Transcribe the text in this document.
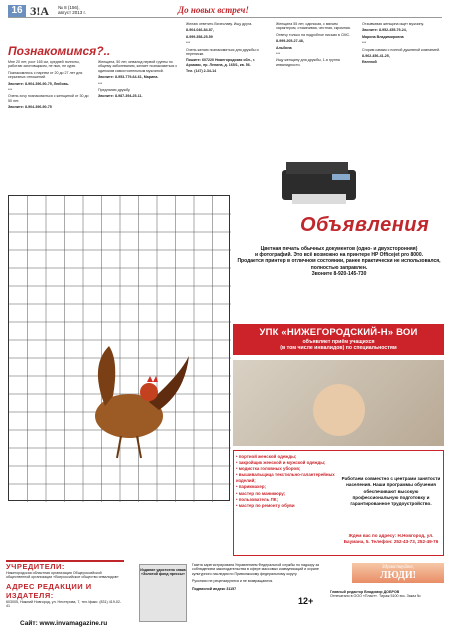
16 З!А № 8 (156),
август 2013 г.	До новых встреч!
Познакомимся?..

Мне 20 лет, рост 165 см, средней полноты, работаю заготовщиком, не пью, не курю.

Познакомлюсь с парнем от 20 до 27 лет для серьезных отношений.

Звоните: 8-904-396-90-75, Любовь.

***

Очень хочу познакомиться с женщиной от 30 до 50 лет.

Звоните: 8-904-396-90-75

Женщина, 50 лет, инвалид первой группы по общему заболеванию, желает познакомиться с одиноким самостоятельным мужчиной.

Звоните: 8-953-779-64-61, Марина.

***

Предлагаю дружбу.

Звоните: 8-987-394-25-11.

Желаю ответить Вячеславу. Ищу друга.

8-904-046-84-87,

8-999-358-25-59

***

Очень желаю познакомиться для дружбы и переписки.

Пишите: 607220 Нижегородская обл., г. Арзамас, пр. Ленина, д. 165/1, кв. 56.

Тел. (147) 2-34-14

Женщина 55 лет, одинокая, с мягким характером, отзывчивая, честная, скромная.

Отвечу только на подробное письмо в СМС.

8-999-205-27-48,

Альбина

***

Ищу женщину для дружбы, 1-я группа инвалидности.

Отзывчивая женщина ищет мужчину.

Звоните: 8-952-455-79-24,

Марина Владимировна

***

Сгорим самым с полной душевной компанией.

8-962-456-41-25,

Евгений

Объявления
Цветная печать обычных документов (одно- и двухсторонняя)
и фотографий. Это всё возможно на принтере HP Officejet pro 8000.
Продается принтер в отличном состоянии, ранее практически не использовался, полностью заправлен.
Звоните 8-920-145-730
УПК «НИЖЕГОРОДСКИЙ-Н» ВОИ
объявляет приём учащихся
(в том числе инвалидов) по специальностям
• портной женской одежды;
• закройщик женской и мужской одежды;
• модистка головных уборов;
• вышивальщица текстильно-галантерейных изделий;
• парикмахер;
• мастер по маникюру;
• пользователь ПК;
• мастер по ремонту обуви
Работаем совместно с центрами занятости населения. Наши программы обучения обеспечивают высокую профессиональную подготовку и гарантированное трудоустройство.
Ждем вас по адресу: Н.Новгород, ул. Баумана, 5. Телефон: 252-43-73, 252-49-76
УЧРЕДИТЕЛИ:
Нижегородская областная организация Общероссийской общественной организации «Всероссийское общество инвалидов»
АДРЕС РЕДАКЦИИ И ИЗДАТЕЛЯ:
603005, Нижний Новгород, ул. Нестерова, 7, тел./факс: (831) 419-02-41
Сайт: www.invamagazine.ru
Издание удостоено знака «Золотой фонд прессы»

Газета зарегистрирована Управлением Федеральной службы по надзору за соблюдением законодательства в сфере массовых коммуникаций и охране культурного наследия по Приволжскому федеральному округу.

Рукописи не рецензируются и не возвращаются.

Подписной индекс 31157

12+
Здравствуйте,
ЛЮДИ!

Главный редактор Владимир ДОБРОВ

Отпечатано в ООО «Пласт». Тираж 5100 экз. Заказ №
